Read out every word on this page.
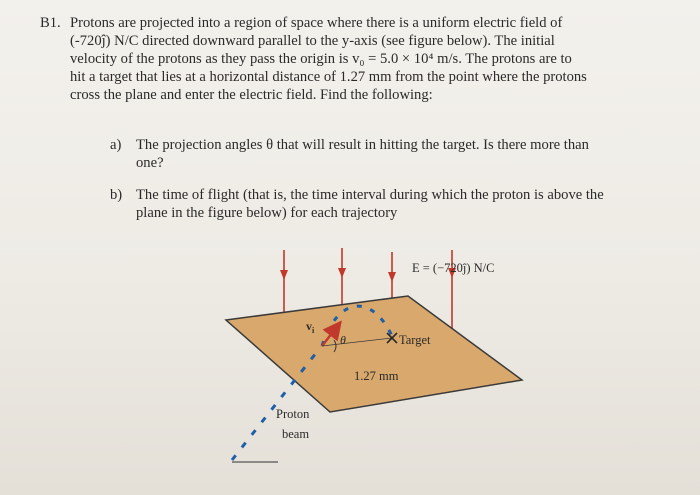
B1. Protons are projected into a region of space where there is a uniform electric field of
(-720ĵ) N/C directed downward parallel to the y-axis (see figure below). The initial
velocity of the protons as they pass the origin is v₀ = 5.0 × 10⁴ m/s. The protons are to
hit a target that lies at a horizontal distance of 1.27 mm from the point where the protons
cross the plane and enter the electric field. Find the following:
a) The projection angles θ that will result in hitting the target. Is there more than
one?
b) The time of flight (that is, the time interval during which the proton is above the
plane in the figure below) for each trajectory
E = (−720ĵ) N/C
$v_i$
θ	Target
1.27 mm
Proton
beam
